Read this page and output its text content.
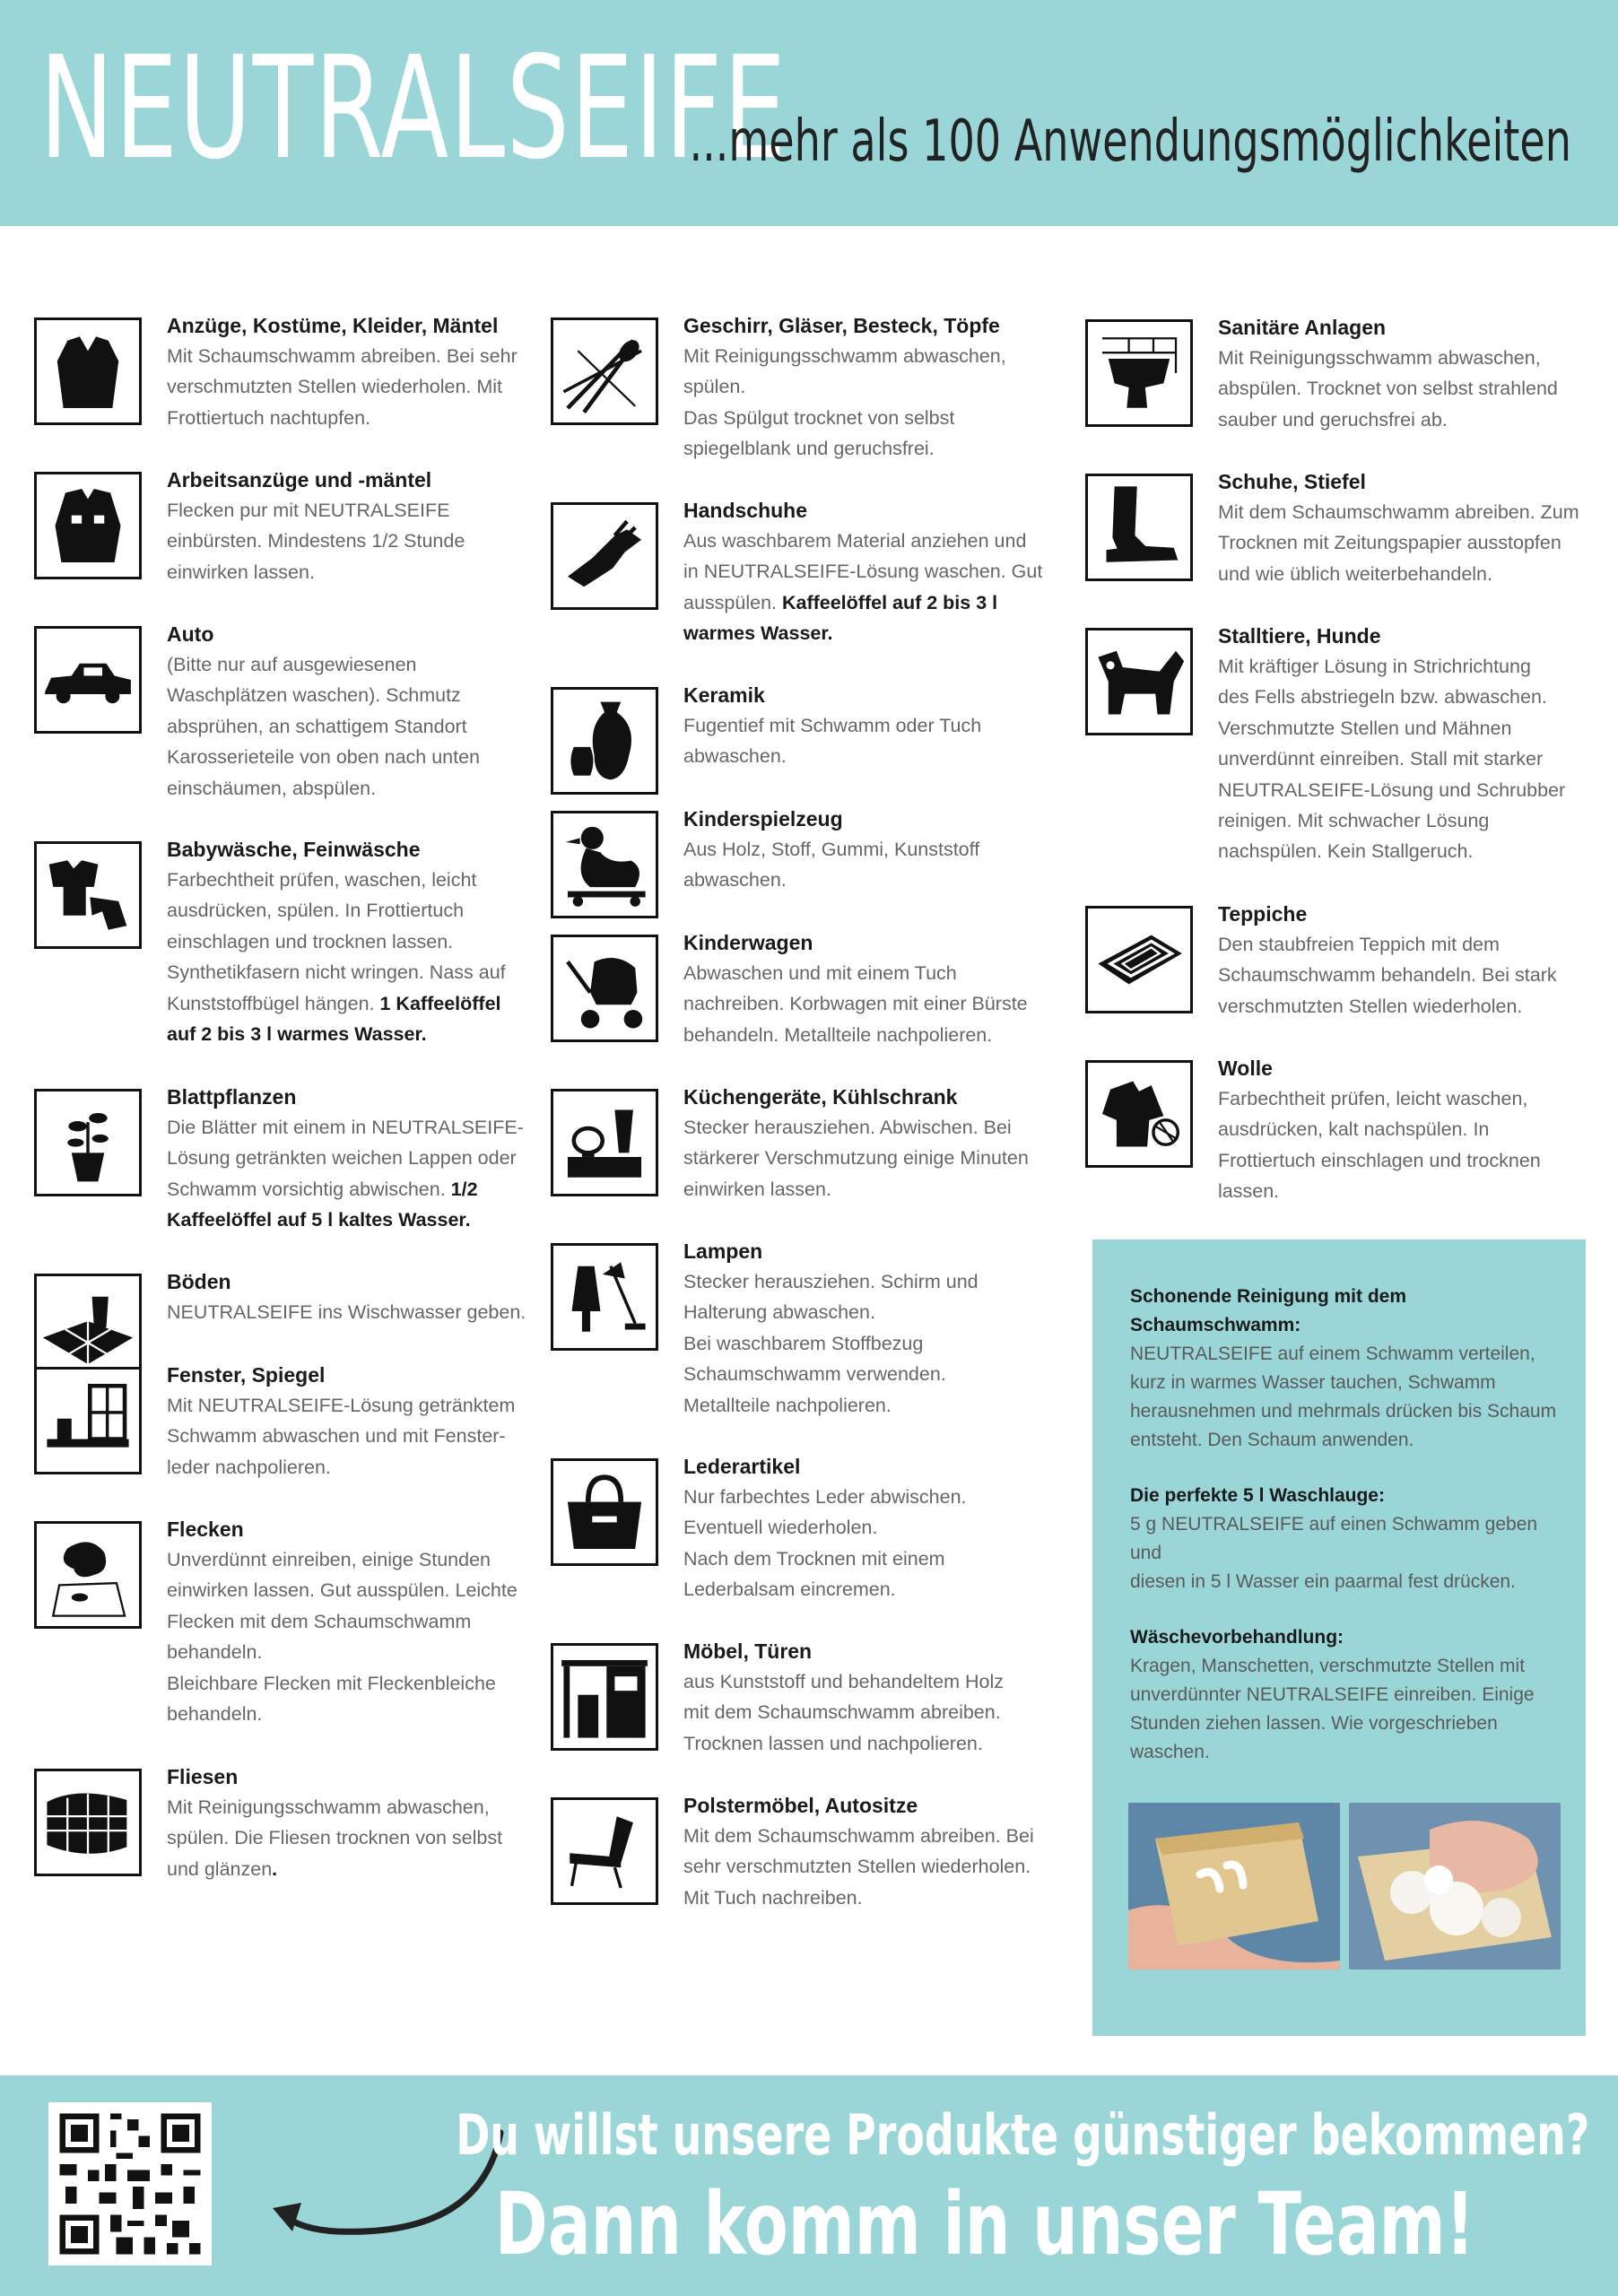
NEUTRALSEIFE
...mehr als 100 Anwendungsmöglichkeiten
Anzüge, Kostüme, Kleider, Mäntel
Mit Schaumschwamm abreiben. Bei sehr
verschmutzten Stellen wiederholen. Mit
Frottiertuch nachtupfen.
Arbeitsanzüge und -mäntel
Flecken pur mit NEUTRALSEIFE
einbürsten. Mindestens 1/2 Stunde
einwirken lassen.
Auto
(Bitte nur auf ausgewiesenen
Waschplätzen waschen). Schmutz
absprühen, an schattigem Standort
Karosserieteile von oben nach unten
einschäumen, abspülen.
Babywäsche, Feinwäsche
Farbechtheit prüfen, waschen, leicht
ausdrücken, spülen. In Frottiertuch
einschlagen und trocknen lassen.
Synthetikfasern nicht wringen. Nass auf
Kunststoffbügel hängen. 1 Kaffeelöffel
auf 2 bis 3 l warmes Wasser.
Blattpflanzen
Die Blätter mit einem in NEUTRALSEIFE-
Lösung getränkten weichen Lappen oder
Schwamm vorsichtig abwischen. 1/2
Kaffeelöffel auf 5 l kaltes Wasser.
Böden
NEUTRALSEIFE ins Wischwasser geben.
Fenster, Spiegel
Mit NEUTRALSEIFE-Lösung getränktem
Schwamm abwaschen und mit Fenster-
leder nachpolieren.
Flecken
Unverdünnt einreiben, einige Stunden
einwirken lassen. Gut ausspülen. Leichte
Flecken mit dem Schaumschwamm
behandeln.
Bleichbare Flecken mit Fleckenbleiche
behandeln.
Fliesen
Mit Reinigungsschwamm abwaschen,
spülen. Die Fliesen trocknen von selbst
und glänzen.
Geschirr, Gläser, Besteck, Töpfe
Mit Reinigungsschwamm abwaschen,
spülen.
Das Spülgut trocknet von selbst
spiegelblank und geruchsfrei.
Handschuhe
Aus waschbarem Material anziehen und
in NEUTRALSEIFE-Lösung waschen. Gut
ausspülen. Kaffeelöffel auf 2 bis 3 l
warmes Wasser.
Keramik
Fugentief mit Schwamm oder Tuch
abwaschen.
Kinderspielzeug
Aus Holz, Stoff, Gummi, Kunststoff
abwaschen.
Kinderwagen
Abwaschen und mit einem Tuch
nachreiben. Korbwagen mit einer Bürste
behandeln. Metallteile nachpolieren.
Küchengeräte, Kühlschrank
Stecker herausziehen. Abwischen. Bei
stärkerer Verschmutzung einige Minuten
einwirken lassen.
Lampen
Stecker herausziehen. Schirm und
Halterung abwaschen.
Bei waschbarem Stoffbezug
Schaumschwamm verwenden.
Metallteile nachpolieren.
Lederartikel
Nur farbechtes Leder abwischen.
Eventuell wiederholen.
Nach dem Trocknen mit einem
Lederbalsam eincremen.
Möbel, Türen
aus Kunststoff und behandeltem Holz
mit dem Schaumschwamm abreiben.
Trocknen lassen und nachpolieren.
Polstermöbel, Autositze
Mit dem Schaumschwamm abreiben. Bei
sehr verschmutzten Stellen wiederholen.
Mit Tuch nachreiben.
Sanitäre Anlagen
Mit Reinigungsschwamm abwaschen,
abspülen. Trocknet von selbst strahlend
sauber und geruchsfrei ab.
Schuhe, Stiefel
Mit dem Schaumschwamm abreiben. Zum
Trocknen mit Zeitungspapier ausstopfen
und wie üblich weiterbehandeln.
Stalltiere, Hunde
Mit kräftiger Lösung in Strichrichtung
des Fells abstriegeln bzw. abwaschen.
Verschmutzte Stellen und Mähnen
unverdünnt einreiben. Stall mit starker
NEUTRALSEIFE-Lösung und Schrubber
reinigen. Mit schwacher Lösung
nachspülen. Kein Stallgeruch.
Teppiche
Den staubfreien Teppich mit dem
Schaumschwamm behandeln. Bei stark
verschmutzten Stellen wiederholen.
Wolle
Farbechtheit prüfen, leicht waschen,
ausdrücken, kalt nachspülen. In
Frottiertuch einschlagen und trocknen
lassen.
Schonende Reinigung mit dem
Schaumschwamm:
NEUTRALSEIFE auf einem Schwamm verteilen,
kurz in warmes Wasser tauchen, Schwamm
herausnehmen und mehrmals drücken bis Schaum
entsteht. Den Schaum anwenden.
Die perfekte 5 l Waschlauge:
5 g NEUTRALSEIFE auf einen Schwamm geben und
diesen in 5 l Wasser ein paarmal fest drücken.
Wäschevorbehandlung:
Kragen, Manschetten, verschmutzte Stellen mit
unverdünnter NEUTRALSEIFE einreiben. Einige
Stunden ziehen lassen. Wie vorgeschrieben
waschen.
Du willst unsere Produkte günstiger bekommen?
Dann komm in unser Team!
